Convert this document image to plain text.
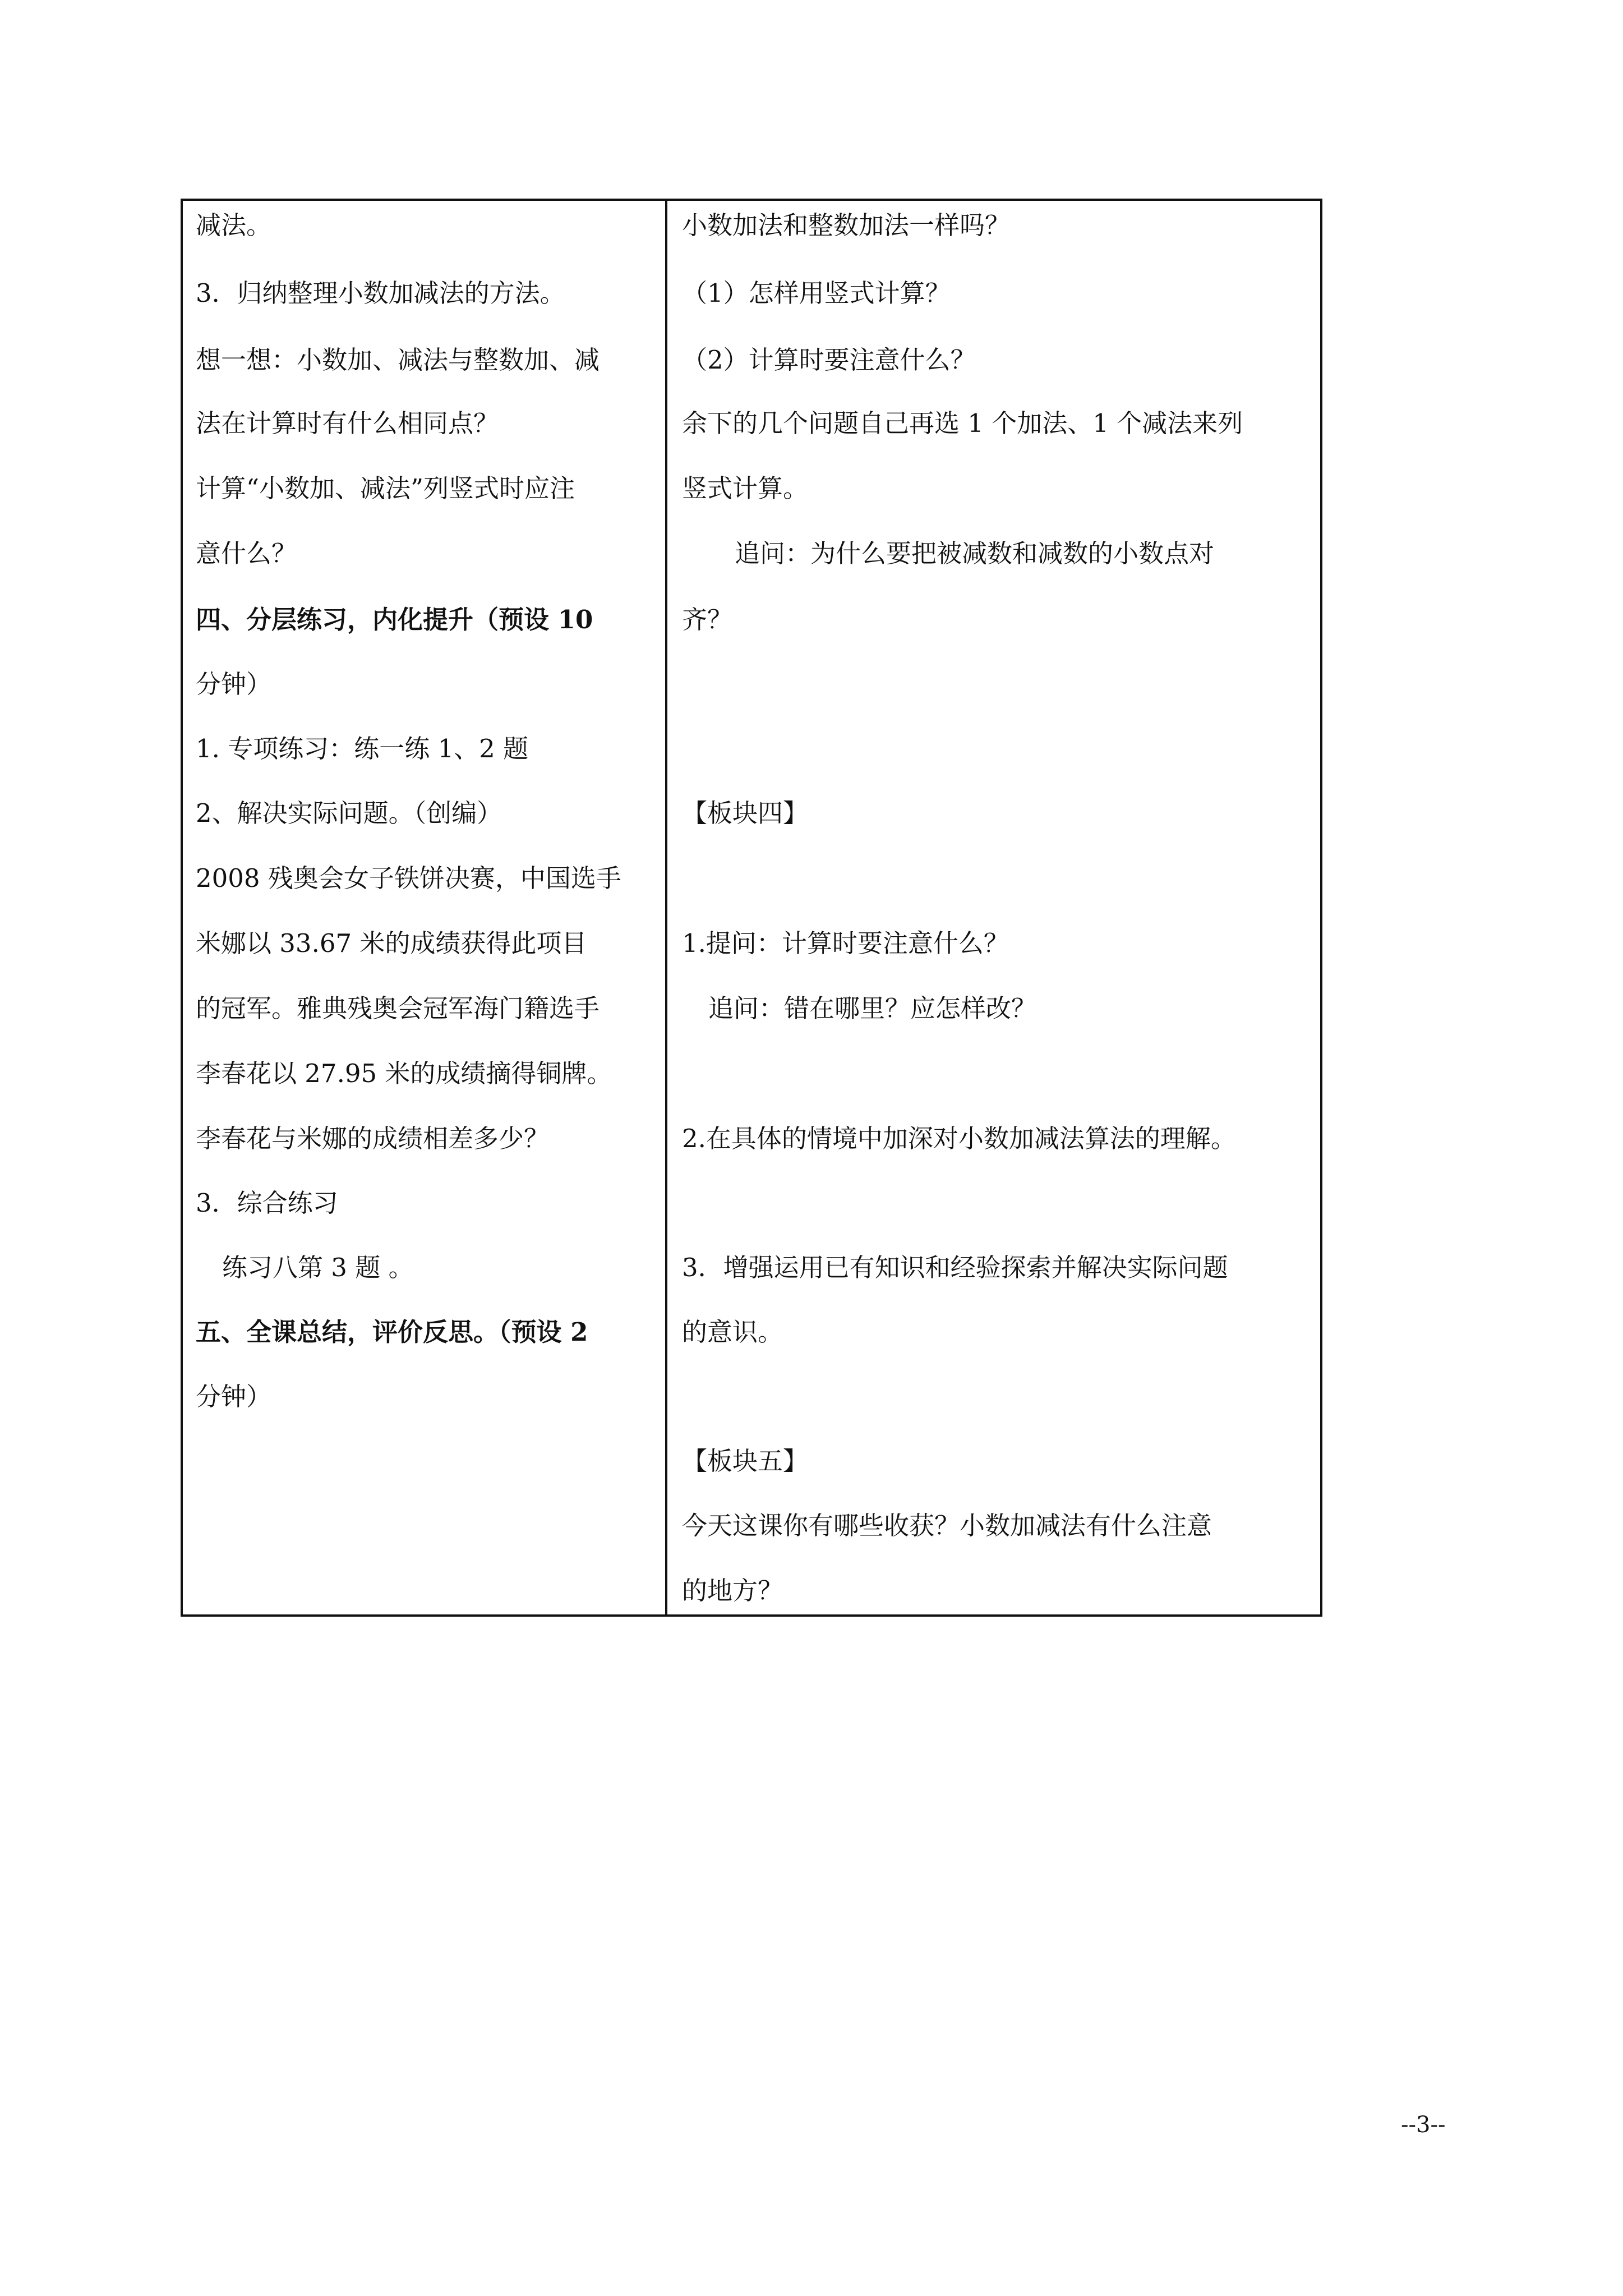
减法。
3．归纳整理小数加减法的方法。
想一想：小数加、减法与整数加、减
法在计算时有什么相同点？
计算“小数加、减法”列竖式时应注
意什么？
四、分层练习，内化提升（预设 10
分钟）
1. 专项练习：练一练 1、2 题
2、解决实际问题。（创编）
2008 残奥会女子铁饼决赛，中国选手
米娜以 33.67 米的成绩获得此项目
的冠军。雅典残奥会冠军海门籍选手
李春花以 27.95 米的成绩摘得铜牌。
李春花与米娜的成绩相差多少？
3．综合练习
练习八第 3 题 。
五、全课总结，评价反思。（预设 2
分钟）
小数加法和整数加法一样吗？
（1）怎样用竖式计算？
（2）计算时要注意什么？
余下的几个问题自己再选 1 个加法、1 个减法来列
竖式计算。
追问：为什么要把被减数和减数的小数点对
齐？
【板块四】
1.提问：计算时要注意什么？
追问：错在哪里？应怎样改？
2.在具体的情境中加深对小数加减法算法的理解。
3．增强运用已有知识和经验探索并解决实际问题
的意识。
【板块五】
今天这课你有哪些收获？小数加减法有什么注意
的地方？
--3--
